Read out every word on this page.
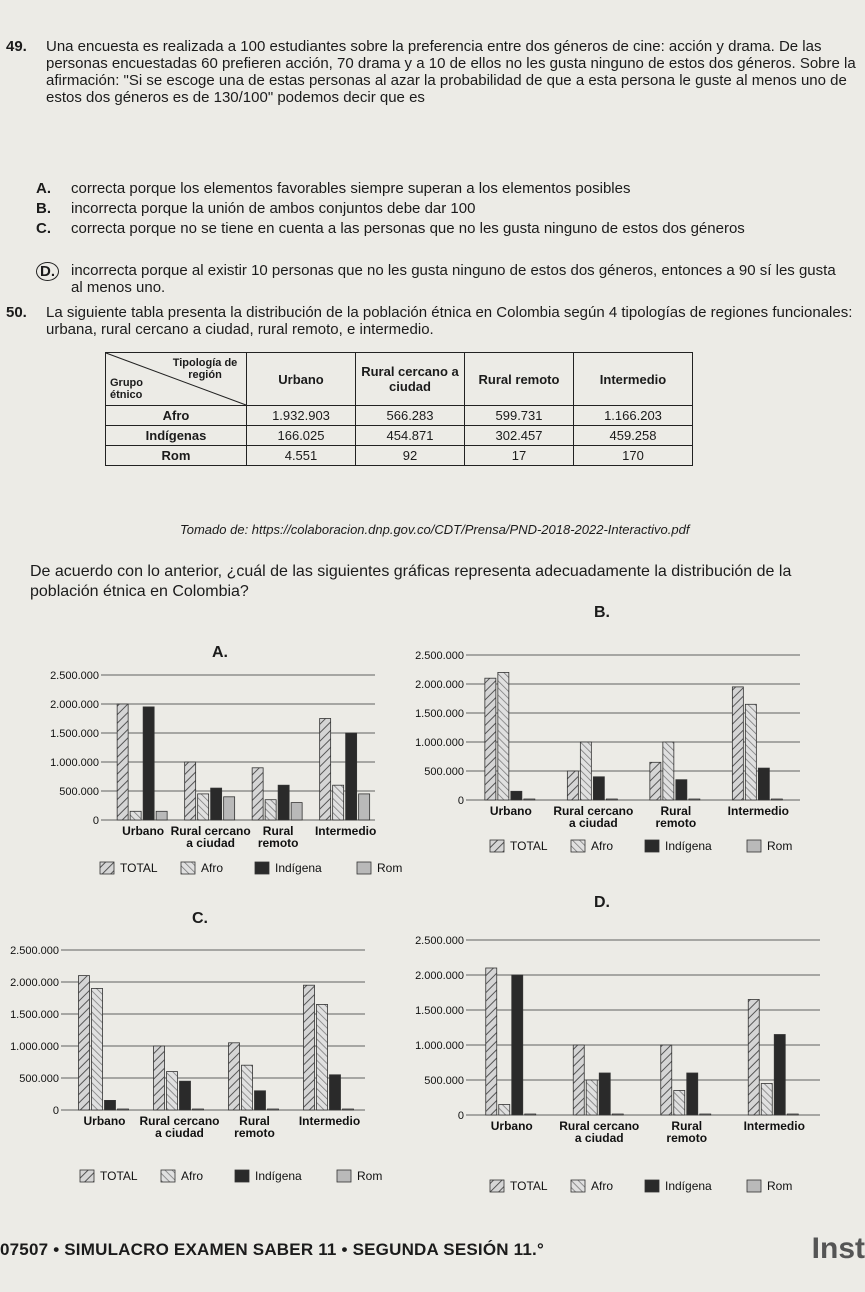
49. Una encuesta es realizada a 100 estudiantes sobre la preferencia entre dos géneros de cine: acción y drama. De las personas encuestadas 60 prefieren acción, 70 drama y a 10 de ellos no les gusta ninguno de estos dos géneros. Sobre la afirmación: "Si se escoge una de estas personas al azar la probabilidad de que a esta persona le guste al menos uno de estos dos géneros es de 130/100" podemos decir que es
A. correcta porque los elementos favorables siempre superan a los elementos posibles
B. incorrecta porque la unión de ambos conjuntos debe dar 100
C. correcta porque no se tiene en cuenta a las personas que no les gusta ninguno de estos dos géneros
D. incorrecta porque al existir 10 personas que no les gusta ninguno de estos dos géneros, entonces a 90 sí les gusta al menos uno.
50. La siguiente tabla presenta la distribución de la población étnica en Colombia según 4 tipologías de regiones funcionales: urbana, rural cercano a ciudad, rural remoto, e intermedio.
Tipología de región
Grupo étnico	Urbano	Rural cercano a ciudad	Rural remoto	Intermedio
Afro	1.932.903	566.283	599.731	1.166.203
Indígenas	166.025	454.871	302.457	459.258
Rom	4.551	92	17	170
Tomado de: https://colaboracion.dnp.gov.co/CDT/Prensa/PND-2018-2022-Interactivo.pdf
De acuerdo con lo anterior, ¿cuál de las siguientes gráficas representa adecuadamente la distribución de la población étnica en Colombia?
A.
B.
C.
D.
2.500.000
2.000.000
1.500.000
1.000.000
500.000
0
Urbano Rural cercano
a ciudad
Rural
remoto
Intermedio
TOTAL	Afro	Indígena	Rom
2.500.000
2.000.000
1.500.000
1.000.000
500.000
0
Urbano Rural cercano
a ciudad
Rural
remoto
Intermedio
TOTAL	Afro	Indígena	Rom
2.500.000
2.000.000
1.500.000
1.000.000
500.000
0
Urbano Rural cercano
a ciudad
Rural
remoto
Intermedio
TOTAL	Afro	Indígena	Rom
2.500.000
2.000.000
1.500.000
1.000.000
500.000
0
Urbano Rural cercano
a ciudad
Rural
remoto
Intermedio
TOTAL	Afro	Indígena	Rom
07507 • SIMULACRO EXAMEN SABER 11 • SEGUNDA SESIÓN 11.°	Inst
